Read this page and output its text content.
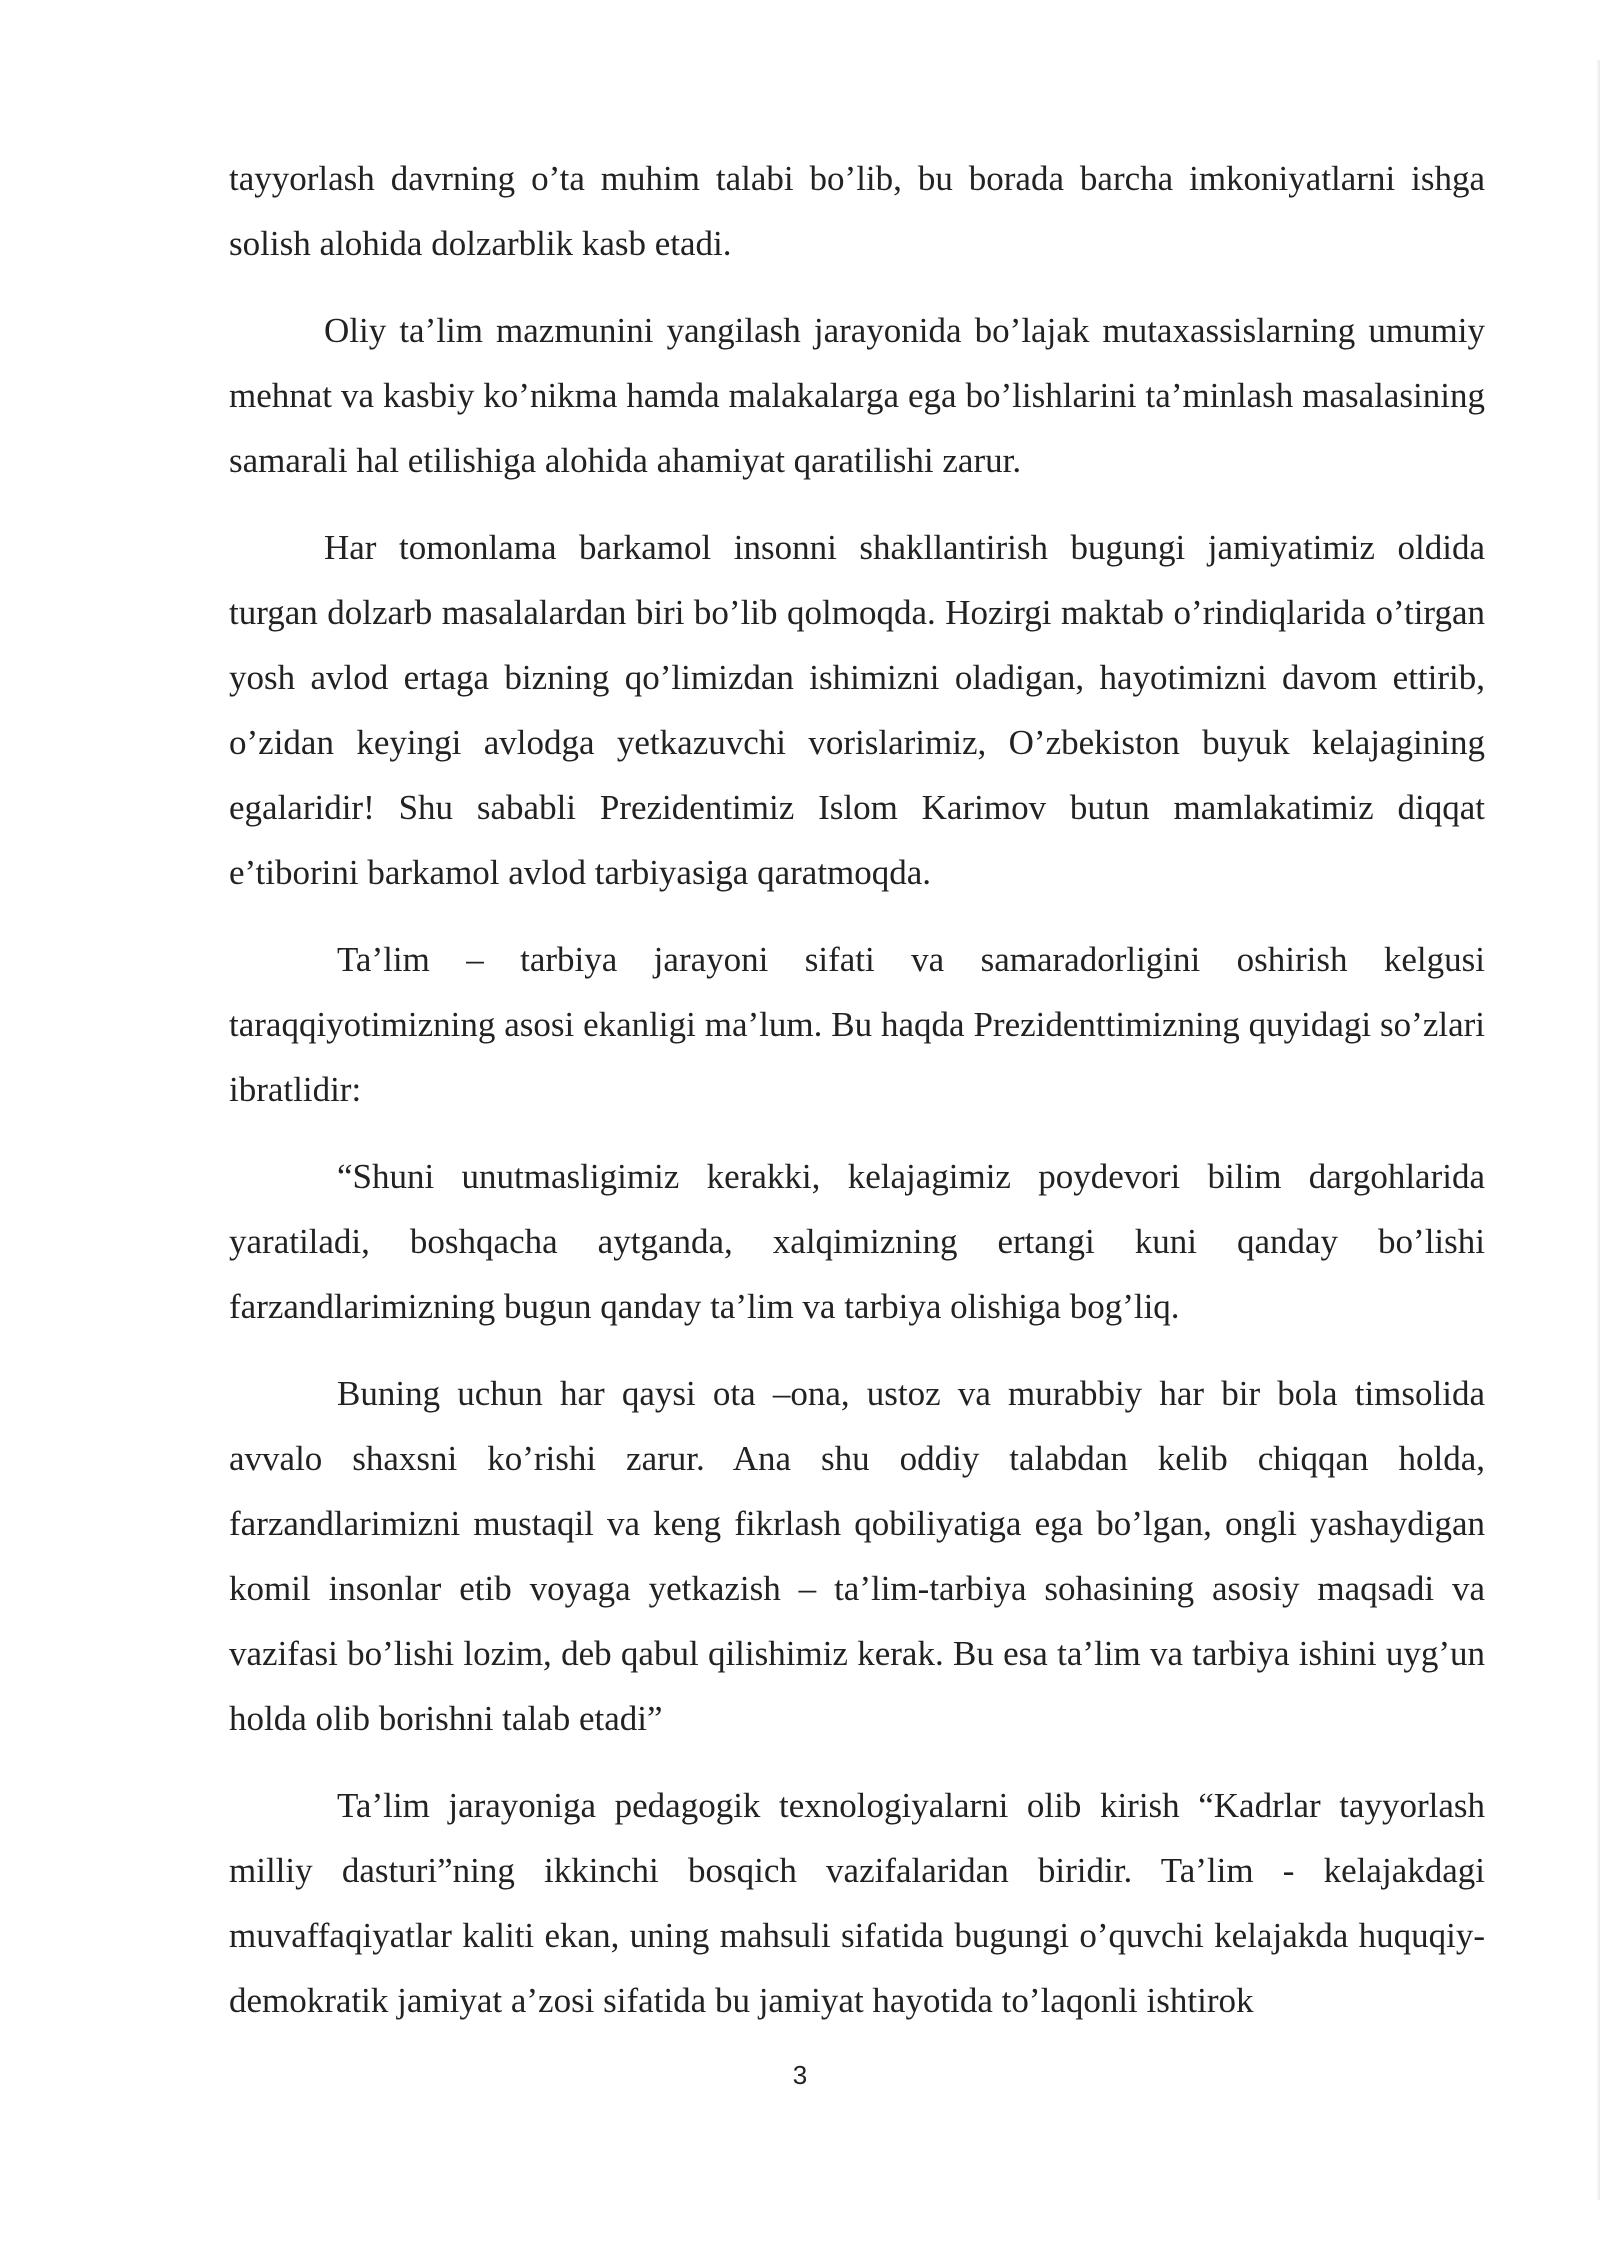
tayyorlash davrning o’ta muhim talabi bo’lib, bu borada barcha imkoniyatlarni ishga solish alohida dolzarblik kasb etadi.

Oliy ta’lim mazmunini yangilash jarayonida bo’lajak mutaxassislarning umumiy mehnat va kasbiy ko’nikma hamda malakalarga ega bo’lishlarini ta’minlash masalasining samarali hal etilishiga alohida ahamiyat qaratilishi zarur.

Har tomonlama barkamol insonni shakllantirish bugungi jamiyatimiz oldida turgan dolzarb masalalardan biri bo’lib qolmoqda. Hozirgi maktab o’rindiqlarida o’tirgan yosh avlod ertaga bizning qo’limizdan ishimizni oladigan, hayotimizni davom ettirib, o’zidan keyingi avlodga yetkazuvchi vorislarimiz, O’zbekiston buyuk kelajagining egalaridir! Shu sababli Prezidentimiz Islom Karimov butun mamlakatimiz diqqat e’tiborini barkamol avlod tarbiyasiga qaratmoqda.

Ta’lim – tarbiya jarayoni sifati va samaradorligini oshirish kelgusi taraqqiyotimizning asosi ekanligi ma’lum. Bu haqda Prezidenttimizning quyidagi so’zlari ibratlidir:

“Shuni unutmasligimiz kerakki, kelajagimiz poydevori bilim dargohlarida yaratiladi, boshqacha aytganda, xalqimizning ertangi kuni qanday bo’lishi farzandlarimizning bugun qanday ta’lim va tarbiya olishiga bog’liq.

Buning uchun har qaysi ota –ona, ustoz va murabbiy har bir bola timsolida avvalo shaxsni ko’rishi zarur. Ana shu oddiy talabdan kelib chiqqan holda, farzandlarimizni mustaqil va keng fikrlash qobiliyatiga ega bo’lgan, ongli yashaydigan komil insonlar etib voyaga yetkazish – ta’lim-tarbiya sohasining asosiy maqsadi va vazifasi bo’lishi lozim, deb qabul qilishimiz kerak. Bu esa ta’lim va tarbiya ishini uyg’un holda olib borishni talab etadi”

Ta’lim jarayoniga pedagogik texnologiyalarni olib kirish “Kadrlar tayyorlash milliy dasturi”ning ikkinchi bosqich vazifalaridan biridir. Ta’lim - kelajakdagi muvaffaqiyatlar kaliti ekan, uning mahsuli sifatida bugungi o’quvchi kelajakda huquqiy-demokratik jamiyat a’zosi sifatida bu jamiyat hayotida to’laqonli ishtirok

3
